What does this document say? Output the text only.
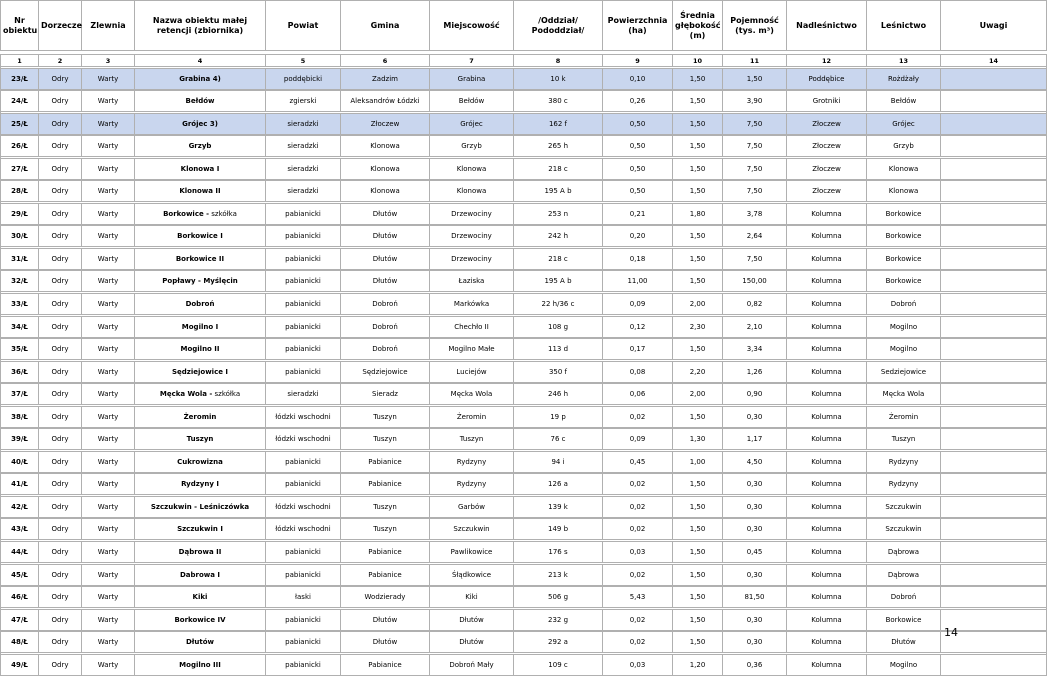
Nr obiektu	Dorzecze	Zlewnia	Nazwa obiektu małej retencji (zbiornika)	Powiat	Gmina	Miejscowość	/Oddział/ Pododdział/	Powierzchnia (ha)	Średnia głębokość (m)	Pojemność (tys. m³)	Nadleśnictwo	Leśnictwo	Uwagi

1	2	3	4	5	6	7	8	9	10	11	12	13	14

23/Ł	Odry	Warty	Grabina 4)	poddębicki	Zadzim	Grabina	10 k	0,10	1,50	1,50	Poddębice	Rożdżały	

24/Ł	Odry	Warty	Bełdów	zgierski	Aleksandrów Łódzki	Bełdów	380 c	0,26	1,50	3,90	Grotniki	Bełdów	

25/Ł	Odry	Warty	Grójec 3)	sieradzki	Złoczew	Grójec	162 f	0,50	1,50	7,50	Złoczew	Grójec	

26/Ł	Odry	Warty	Grzyb	sieradzki	Klonowa	Grzyb	265 h	0,50	1,50	7,50	Złoczew	Grzyb	

27/Ł	Odry	Warty	Klonowa I	sieradzki	Klonowa	Klonowa	218 c	0,50	1,50	7,50	Złoczew	Klonowa	

28/Ł	Odry	Warty	Klonowa II	sieradzki	Klonowa	Klonowa	195 A b	0,50	1,50	7,50	Złoczew	Klonowa	

29/Ł	Odry	Warty	Borkowice - szkółka	pabianicki	Dłutów	Drzewociny	253 n	0,21	1,80	3,78	Kolumna	Borkowice	

30/Ł	Odry	Warty	Borkowice I	pabianicki	Dłutów	Drzewociny	242 h	0,20	1,50	2,64	Kolumna	Borkowice	

31/Ł	Odry	Warty	Borkowice II	pabianicki	Dłutów	Drzewociny	218 c	0,18	1,50	7,50	Kolumna	Borkowice	

32/Ł	Odry	Warty	Popławy - Myślęcin	pabianicki	Dłutów	Łaziska	195 A b	11,00	1,50	150,00	Kolumna	Borkowice	

33/Ł	Odry	Warty	Dobroń	pabianicki	Dobroń	Markówka	22 h/36 c	0,09	2,00	0,82	Kolumna	Dobroń	

34/Ł	Odry	Warty	Mogilno I	pabianicki	Dobroń	Chechło II	108 g	0,12	2,30	2,10	Kolumna	Mogilno	

35/Ł	Odry	Warty	Mogilno II	pabianicki	Dobroń	Mogilno Małe	113 d	0,17	1,50	3,34	Kolumna	Mogilno	

36/Ł	Odry	Warty	Sędziejowice I	pabianicki	Sędziejowice	Luciejów	350 f	0,08	2,20	1,26	Kolumna	Sedziejowice	

37/Ł	Odry	Warty	Męcka Wola - szkółka	sieradzki	Sieradz	Męcka Wola	246 h	0,06	2,00	0,90	Kolumna	Męcka Wola	

38/Ł	Odry	Warty	Żeromin	łódzki wschodni	Tuszyn	Żeromin	19 p	0,02	1,50	0,30	Kolumna	Żeromin	

39/Ł	Odry	Warty	Tuszyn	łódzki wschodni	Tuszyn	Tuszyn	76 c	0,09	1,30	1,17	Kolumna	Tuszyn	

40/Ł	Odry	Warty	Cukrowizna	pabianicki	Pabianice	Rydzyny	94 i	0,45	1,00	4,50	Kolumna	Rydzyny	

41/Ł	Odry	Warty	Rydzyny I	pabianicki	Pabianice	Rydzyny	126 a	0,02	1,50	0,30	Kolumna	Rydzyny	

42/Ł	Odry	Warty	Szczukwin - Leśniczówka	łódzki wschodni	Tuszyn	Garbów	139 k	0,02	1,50	0,30	Kolumna	Szczukwin	

43/Ł	Odry	Warty	Szczukwin I	łódzki wschodni	Tuszyn	Szczukwin	149 b	0,02	1,50	0,30	Kolumna	Szczukwin	

44/Ł	Odry	Warty	Dąbrowa II	pabianicki	Pabianice	Pawlikowice	176 s	0,03	1,50	0,45	Kolumna	Dąbrowa	

45/Ł	Odry	Warty	Dabrowa I	pabianicki	Pabianice	Śłądkowice	213 k	0,02	1,50	0,30	Kolumna	Dąbrowa	

46/Ł	Odry	Warty	Kiki	łaski	Wodzierady	Kiki	506 g	5,43	1,50	81,50	Kolumna	Dobroń	

47/Ł	Odry	Warty	Borkowice IV	pabianicki	Dłutów	Dłutów	232 g	0,02	1,50	0,30	Kolumna	Borkowice	

48/Ł	Odry	Warty	Dłutów	pabianicki	Dłutów	Dłutów	292 a	0,02	1,50	0,30	Kolumna	Dłutów	

49/Ł	Odry	Warty	Mogilno III	pabianicki	Pabianice	Dobroń Mały	109 c	0,03	1,20	0,36	Kolumna	Mogilno	
14
